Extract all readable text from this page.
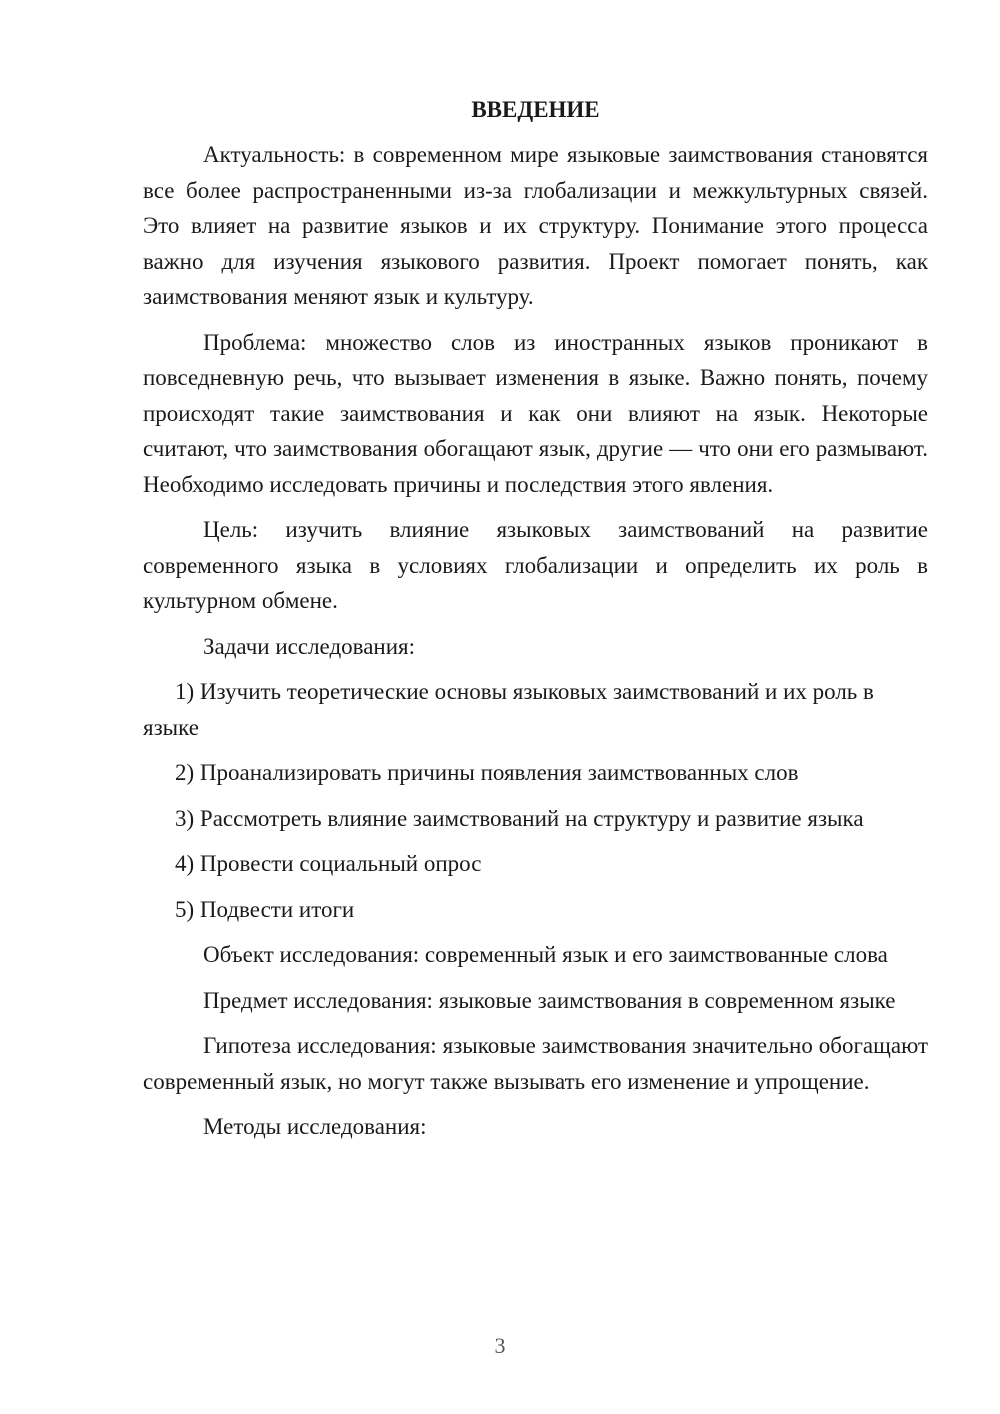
ВВЕДЕНИЕ
Актуальность: в современном мире языковые заимствования становятся все более распространенными из-за глобализации и межкультурных связей. Это влияет на развитие языков и их структуру. Понимание этого процесса важно для изучения языкового развития. Проект помогает понять, как заимствования меняют язык и культуру.
Проблема: множество слов из иностранных языков проникают в повседневную речь, что вызывает изменения в языке. Важно понять, почему происходят такие заимствования и как они влияют на язык. Некоторые считают, что заимствования обогащают язык, другие — что они его размывают. Необходимо исследовать причины и последствия этого явления.
Цель: изучить влияние языковых заимствований на развитие современного языка в условиях глобализации и определить их роль в культурном обмене.
Задачи исследования:
1) Изучить теоретические основы языковых заимствований и их роль в языке
2) Проанализировать причины появления заимствованных слов
3) Рассмотреть влияние заимствований на структуру и развитие языка
4) Провести социальный опрос
5) Подвести итоги
Объект исследования: современный язык и его заимствованные слова
Предмет исследования: языковые заимствования в современном языке
Гипотеза исследования: языковые заимствования значительно обогащают современный язык, но могут также вызывать его изменение и упрощение.
Методы исследования:
3
